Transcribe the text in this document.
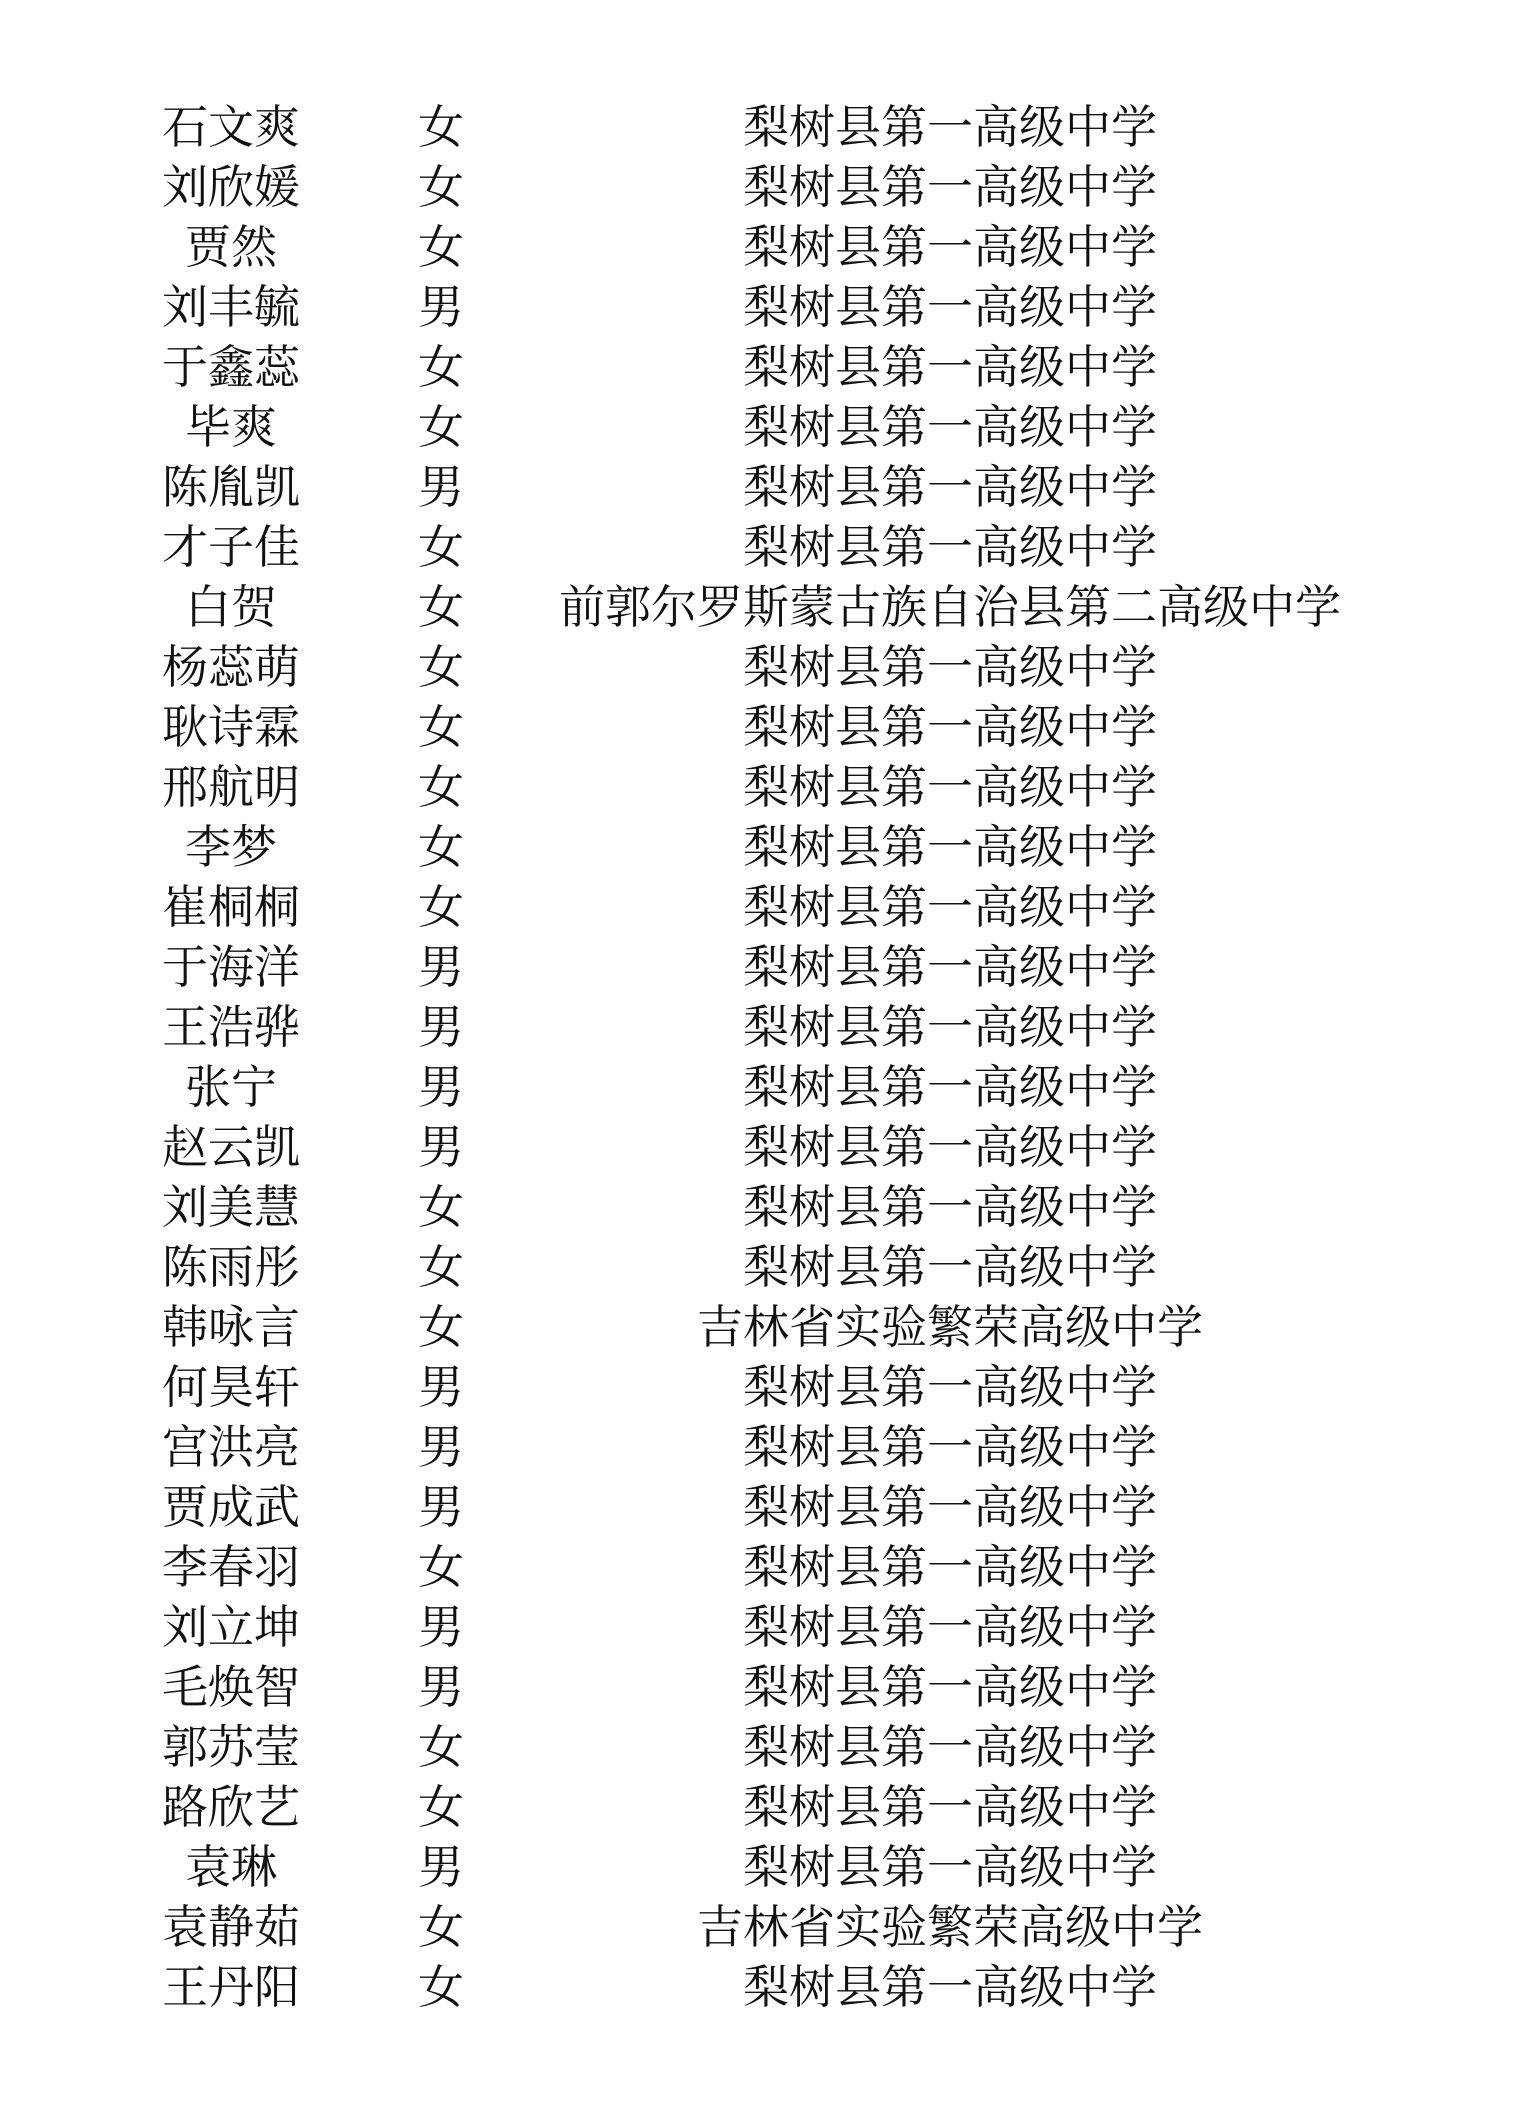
石文爽	女	梨树县第一高级中学
刘欣媛	女	梨树县第一高级中学
贾然	女	梨树县第一高级中学
刘丰毓	男	梨树县第一高级中学
于鑫蕊	女	梨树县第一高级中学
毕爽	女	梨树县第一高级中学
陈胤凯	男	梨树县第一高级中学
才子佳	女	梨树县第一高级中学
白贺	女	前郭尔罗斯蒙古族自治县第二高级中学
杨蕊萌	女	梨树县第一高级中学
耿诗霖	女	梨树县第一高级中学
邢航明	女	梨树县第一高级中学
李梦	女	梨树县第一高级中学
崔桐桐	女	梨树县第一高级中学
于海洋	男	梨树县第一高级中学
王浩骅	男	梨树县第一高级中学
张宁	男	梨树县第一高级中学
赵云凯	男	梨树县第一高级中学
刘美慧	女	梨树县第一高级中学
陈雨彤	女	梨树县第一高级中学
韩咏言	女	吉林省实验繁荣高级中学
何昊轩	男	梨树县第一高级中学
宫洪亮	男	梨树县第一高级中学
贾成武	男	梨树县第一高级中学
李春羽	女	梨树县第一高级中学
刘立坤	男	梨树县第一高级中学
毛焕智	男	梨树县第一高级中学
郭苏莹	女	梨树县第一高级中学
路欣艺	女	梨树县第一高级中学
袁琳	男	梨树县第一高级中学
袁静茹	女	吉林省实验繁荣高级中学
王丹阳	女	梨树县第一高级中学
